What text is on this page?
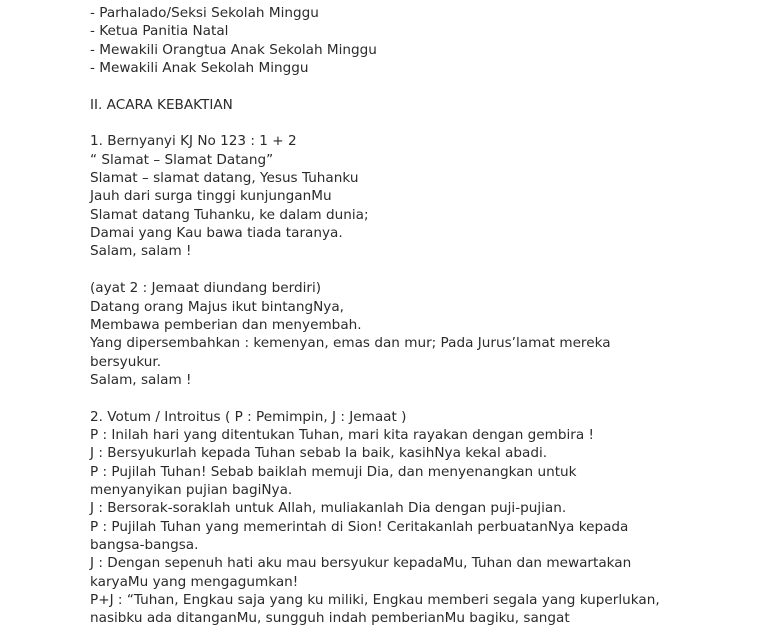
- Parhalado/Seksi Sekolah Minggu
- Ketua Panitia Natal
- Mewakili Orangtua Anak Sekolah Minggu
- Mewakili Anak Sekolah Minggu
II. ACARA KEBAKTIAN
1. Bernyanyi KJ No 123 : 1 + 2
“ Slamat – Slamat Datang”
Slamat – slamat datang, Yesus Tuhanku
Jauh dari surga tinggi kunjunganMu
Slamat datang Tuhanku, ke dalam dunia;
Damai yang Kau bawa tiada taranya.
Salam, salam !
(ayat 2 : Jemaat diundang berdiri)
Datang orang Majus ikut bintangNya,
Membawa pemberian dan menyembah.
Yang dipersembahkan : kemenyan, emas dan mur; Pada Jurus’lamat mereka
bersyukur.
Salam, salam !
2. Votum / Introitus ( P : Pemimpin, J : Jemaat )
P : Inilah hari yang ditentukan Tuhan, mari kita rayakan dengan gembira !
J : Bersyukurlah kepada Tuhan sebab Ia baik, kasihNya kekal abadi.
P : Pujilah Tuhan! Sebab baiklah memuji Dia, dan menyenangkan untuk
menyanyikan pujian bagiNya.
J : Bersorak-soraklah untuk Allah, muliakanlah Dia dengan puji-pujian.
P : Pujilah Tuhan yang memerintah di Sion! Ceritakanlah perbuatanNya kepada
bangsa-bangsa.
J : Dengan sepenuh hati aku mau bersyukur kepadaMu, Tuhan dan mewartakan
karyaMu yang mengagumkan!
P+J : “Tuhan, Engkau saja yang ku miliki, Engkau memberi segala yang kuperlukan,
nasibku ada ditanganMu, sungguh indah pemberianMu bagiku, sangat
